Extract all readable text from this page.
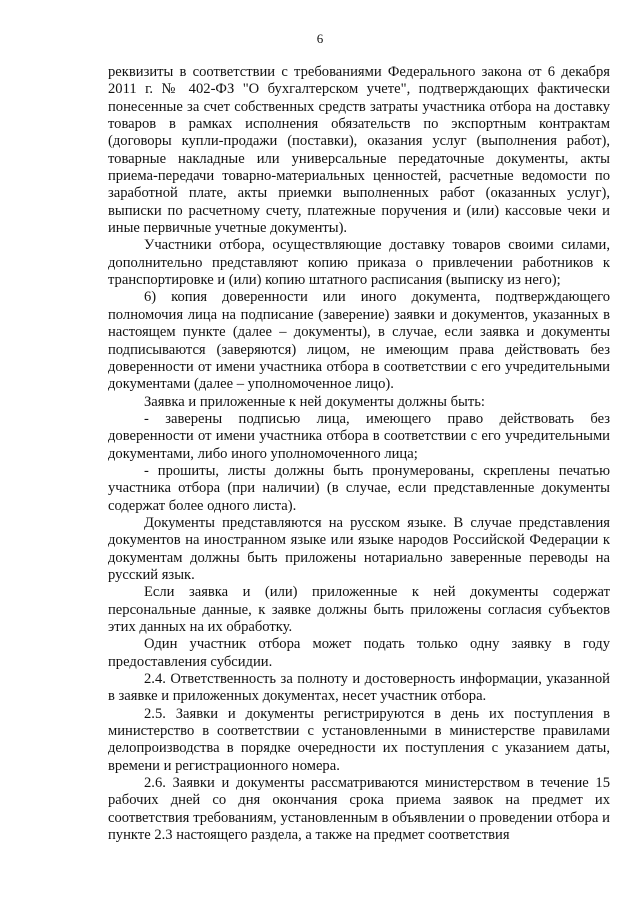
6

реквизиты в соответствии с требованиями Федерального закона от 6 декабря 2011 г. № 402-ФЗ "О бухгалтерском учете", подтверждающих фактически понесенные за счет собственных средств затраты участника отбора на доставку товаров в рамках исполнения обязательств по экспортным контрактам (договоры купли-продажи (поставки), оказания услуг (выполнения работ), товарные накладные или универсальные передаточные документы, акты приема-передачи товарно-материальных ценностей, расчетные ведомости по заработной плате, акты приемки выполненных работ (оказанных услуг), выписки по расчетному счету, платежные поручения и (или) кассовые чеки и иные первичные учетные документы).

Участники отбора, осуществляющие доставку товаров своими силами, дополнительно представляют копию приказа о привлечении работников к транспортировке и (или) копию штатного расписания (выписку из него);

6) копия доверенности или иного документа, подтверждающего полномочия лица на подписание (заверение) заявки и документов, указанных в настоящем пункте (далее – документы), в случае, если заявка и документы подписываются (заверяются) лицом, не имеющим права действовать без доверенности от имени участника отбора в соответствии с его учредительными документами (далее – уполномоченное лицо).

Заявка и приложенные к ней документы должны быть:

- заверены подписью лица, имеющего право действовать без доверенности от имени участника отбора в соответствии с его учредительными документами, либо иного уполномоченного лица;

- прошиты, листы должны быть пронумерованы, скреплены печатью участника отбора (при наличии) (в случае, если представленные документы содержат более одного листа).

Документы представляются на русском языке. В случае представления документов на иностранном языке или языке народов Российской Федерации к документам должны быть приложены нотариально заверенные переводы на русский язык.

Если заявка и (или) приложенные к ней документы содержат персональные данные, к заявке должны быть приложены согласия субъектов этих данных на их обработку.

Один участник отбора может подать только одну заявку в году предоставления субсидии.

2.4. Ответственность за полноту и достоверность информации, указанной в заявке и приложенных документах, несет участник отбора.

2.5. Заявки и документы регистрируются в день их поступления в министерство в соответствии с установленными в министерстве правилами делопроизводства в порядке очередности их поступления с указанием даты, времени и регистрационного номера.

2.6. Заявки и документы рассматриваются министерством в течение 15 рабочих дней со дня окончания срока приема заявок на предмет их соответствия требованиям, установленным в объявлении о проведении отбора и пункте 2.3 настоящего раздела, а также на предмет соответствия
